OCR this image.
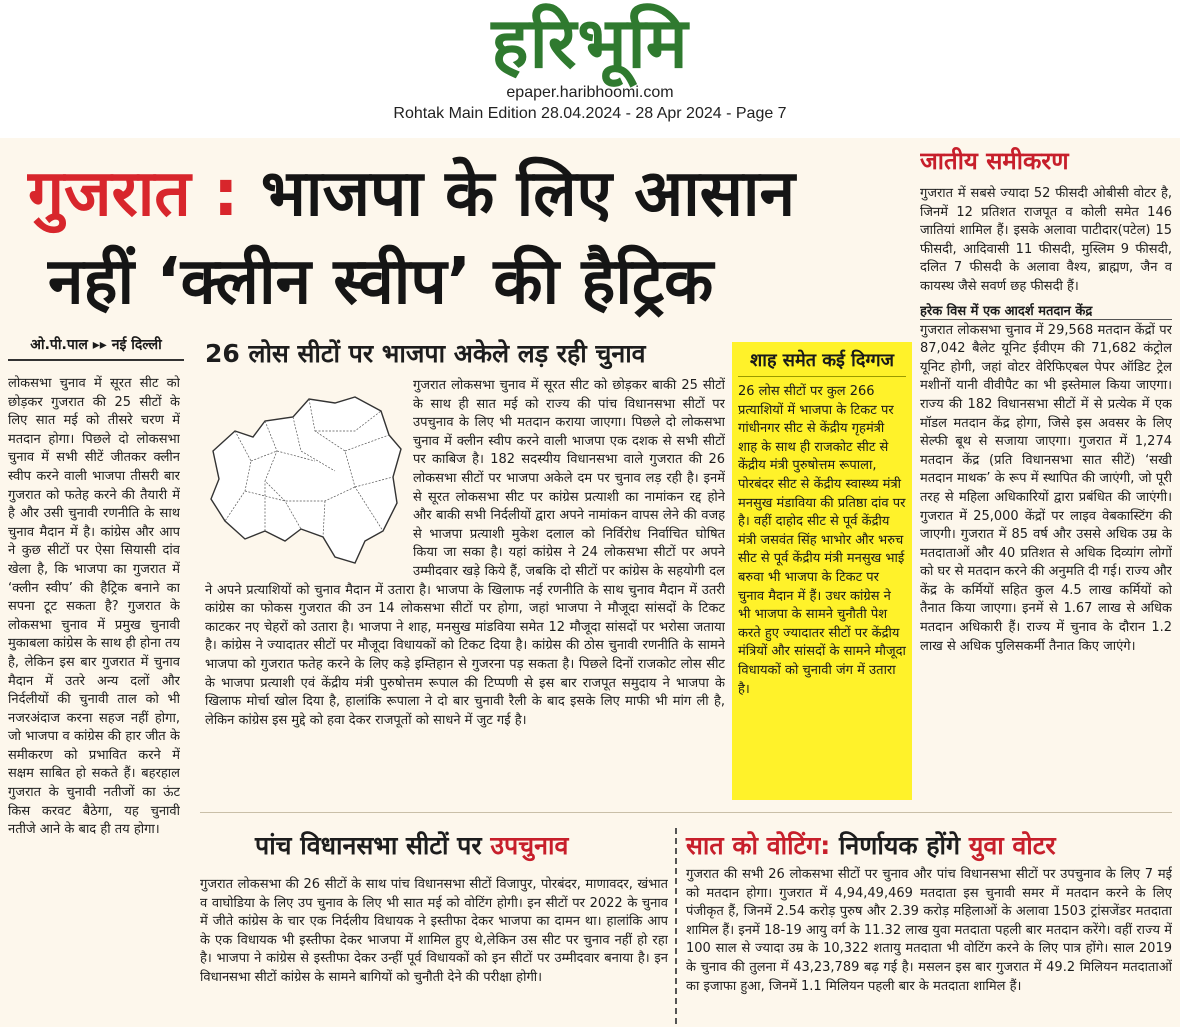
हरिभूमि
epaper.haribhoomi.com
Rohtak Main Edition 28.04.2024 - 28 Apr 2024 - Page 7
गुजरात : भाजपा के लिए आसान
नहीं ‘क्लीन स्वीप’ की हैट्रिक
ओ.पी.पाल ▸▸ नई दिल्ली
लोकसभा चुनाव में सूरत सीट को छोड़कर गुजरात की 25 सीटों के लिए सात मई को तीसरे चरण में मतदान होगा। पिछले दो लोकसभा चुनाव में सभी सीटें जीतकर क्लीन स्वीप करने वाली भाजपा तीसरी बार गुजरात को फतेह करने की तैयारी में है और उसी चुनावी रणनीति के साथ चुनाव मैदान में है। कांग्रेस और आप ने कुछ सीटों पर ऐसा सियासी दांव खेला है, कि भाजपा का गुजरात में ‘क्लीन स्वीप’ की हैट्रिक बनाने का सपना टूट सकता है? गुजरात के लोकसभा चुनाव में प्रमुख चुनावी मुकाबला कांग्रेस के साथ ही होना तय है, लेकिन इस बार गुजरात में चुनाव मैदान में उतरे अन्य दलों और निर्दलीयों की चुनावी ताल को भी नजरअंदाज करना सहज नहीं होगा, जो भाजपा व कांग्रेस की हार जीत के समीकरण को प्रभावित करने में सक्षम साबित हो सकते हैं। बहरहाल गुजरात के चुनावी नतीजों का ऊंट किस करवट बैठेगा, यह चुनावी नतीजे आने के बाद ही तय होगा।
26 लोस सीटों पर भाजपा अकेले लड़ रही चुनाव
गुजरात लोकसभा चुनाव में सूरत सीट को छोड़कर बाकी 25 सीटों के साथ ही सात मई को राज्य की पांच विधानसभा सीटों पर उपचुनाव के लिए भी मतदान कराया जाएगा। पिछले दो लोकसभा चुनाव में क्लीन स्वीप करने वाली भाजपा एक दशक से सभी सीटों पर काबिज है। 182 सदस्यीय विधानसभा वाले गुजरात की 26 लोकसभा सीटों पर भाजपा अकेले दम पर चुनाव लड़ रही है। इनमें से सूरत लोकसभा सीट पर कांग्रेस प्रत्याशी का नामांकन रद्द होने और बाकी सभी निर्दलीयों द्वारा अपने नामांकन वापस लेने की वजह से भाजपा प्रत्याशी मुकेश दलाल को निर्विरोध निर्वाचित घोषित किया जा सका है। यहां कांग्रेस ने 24 लोकसभा सीटों पर अपने उम्मीदवार खड़े किये हैं, जबकि दो सीटों पर कांग्रेस के सहयोगी दल ने अपने प्रत्याशियों को चुनाव मैदान में उतारा है। भाजपा के खिलाफ नई रणनीति के साथ चुनाव मैदान में उतरी कांग्रेस का फोकस गुजरात की उन 14 लोकसभा सीटों पर होगा, जहां भाजपा ने मौजूदा सांसदों के टिकट काटकर नए चेहरों को उतारा है। भाजपा ने शाह, मनसुख मांडविया समेत 12 मौजूदा सांसदों पर भरोसा जताया है। कांग्रेस ने ज्यादातर सीटों पर मौजूदा विधायकों को टिकट दिया है। कांग्रेस की ठोस चुनावी रणनीति के सामने भाजपा को गुजरात फतेह करने के लिए कड़े इम्तिहान से गुजरना पड़ सकता है। पिछले दिनों राजकोट लोस सीट के भाजपा प्रत्याशी एवं केंद्रीय मंत्री पुरुषोत्तम रूपाल की टिप्पणी से इस बार राजपूत समुदाय ने भाजपा के खिलाफ मोर्चा खोल दिया है, हालांकि रूपाला ने दो बार चुनावी रैली के बाद इसके लिए माफी भी मांग ली है, लेकिन कांग्रेस इस मुद्दे को हवा देकर राजपूतों को साधने में जुट गई है।
शाह समेत कई दिग्गज
26 लोस सीटों पर कुल 266 प्रत्याशियों में भाजपा के टिकट पर गांधीनगर सीट से केंद्रीय गृहमंत्री शाह के साथ ही राजकोट सीट से केंद्रीय मंत्री पुरुषोत्तम रूपाला, पोरबंदर सीट से केंद्रीय स्वास्थ्य मंत्री मनसुख मंडाविया की प्रतिष्ठा दांव पर है। वहीं दाहोद सीट से पूर्व केंद्रीय मंत्री जसवंत सिंह भाभोर और भरुच सीट से पूर्व केंद्रीय मंत्री मनसुख भाई बरुवा भी भाजपा के टिकट पर चुनाव मैदान में हैं। उधर कांग्रेस ने भी भाजपा के सामने चुनौती पेश करते हुए ज्यादातर सीटों पर केंद्रीय मंत्रियों और सांसदों के सामने मौजूदा विधायकों को चुनावी जंग में उतारा है।
जातीय समीकरण
गुजरात में सबसे ज्यादा 52 फीसदी ओबीसी वोटर है, जिनमें 12 प्रतिशत राजपूत व कोली समेत 146 जातियां शामिल हैं। इसके अलावा पाटीदार(पटेल) 15 फीसदी, आदिवासी 11 फीसदी, मुस्लिम 9 फीसदी, दलित 7 फीसदी के अलावा वैश्य, ब्राह्मण, जैन व कायस्थ जैसे सवर्ण छह फीसदी हैं।
हरेक विस में एक आदर्श मतदान केंद्र
गुजरात लोकसभा चुनाव में 29,568 मतदान केंद्रों पर 87,042 बैलेट यूनिट ईवीएम की 71,682 कंट्रोल यूनिट होगी, जहां वोटर वेरिफिएबल पेपर ऑडिट ट्रेल मशीनों यानी वीवीपैट का भी इस्तेमाल किया जाएगा। राज्य की 182 विधानसभा सीटों में से प्रत्येक में एक मॉडल मतदान केंद्र होगा, जिसे इस अवसर के लिए सेल्फी बूथ से सजाया जाएगा। गुजरात में 1,274 मतदान केंद्र (प्रति विधानसभा सात सीटें) ‘सखी मतदान माथक’ के रूप में स्थापित की जाएंगी, जो पूरी तरह से महिला अधिकारियों द्वारा प्रबंधित की जाएंगी। गुजरात में 25,000 केंद्रों पर लाइव वेबकास्टिंग की जाएगी। गुजरात में 85 वर्ष और उससे अधिक उम्र के मतदाताओं और 40 प्रतिशत से अधिक दिव्यांग लोगों को घर से मतदान करने की अनुमति दी गई। राज्य और केंद्र के कर्मियों सहित कुल 4.5 लाख कर्मियों को तैनात किया जाएगा। इनमें से 1.67 लाख से अधिक मतदान अधिकारी हैं। राज्य में चुनाव के दौरान 1.2 लाख से अधिक पुलिसकर्मी तैनात किए जाएंगे।
पांच विधानसभा सीटों पर उपचुनाव
गुजरात लोकसभा की 26 सीटों के साथ पांच विधानसभा सीटों विजापुर, पोरबंदर, माणावदर, खंभात व वाघोडिया के लिए उप चुनाव के लिए भी सात मई को वोटिंग होगी। इन सीटों पर 2022 के चुनाव में जीते कांग्रेस के चार एक निर्दलीय विधायक ने इस्तीफा देकर भाजपा का दामन था। हालांकि आप के एक विधायक भी इस्तीफा देकर भाजपा में शामिल हुए थे,लेकिन उस सीट पर चुनाव नहीं हो रहा है। भाजपा ने कांग्रेस से इस्तीफा देकर उन्हीं पूर्व विधायकों को इन सीटों पर उम्मीदवार बनाया है। इन विधानसभा सीटों कांग्रेस के सामने बागियों को चुनौती देने की परीक्षा होगी।
सात को वोटिंग: निर्णायक होंगे युवा वोटर
गुजरात की सभी 26 लोकसभा सीटों पर चुनाव और पांच विधानसभा सीटों पर उपचुनाव के लिए 7 मई को मतदान होगा। गुजरात में 4,94,49,469 मतदाता इस चुनावी समर में मतदान करने के लिए पंजीकृत हैं, जिनमें 2.54 करोड़ पुरुष और 2.39 करोड़ महिलाओं के अलावा 1503 ट्रांसजेंडर मतदाता शामिल हैं। इनमें 18-19 आयु वर्ग के 11.32 लाख युवा मतदाता पहली बार मतदान करेंगे। वहीं राज्य में 100 साल से ज्यादा उम्र के 10,322 शतायु मतदाता भी वोटिंग करने के लिए पात्र होंगे। साल 2019 के चुनाव की तुलना में 43,23,789 बढ़ गई है। मसलन इस बार गुजरात में 49.2 मिलियन मतदाताओं का इजाफा हुआ, जिनमें 1.1 मिलियन पहली बार के मतदाता शामिल हैं।
